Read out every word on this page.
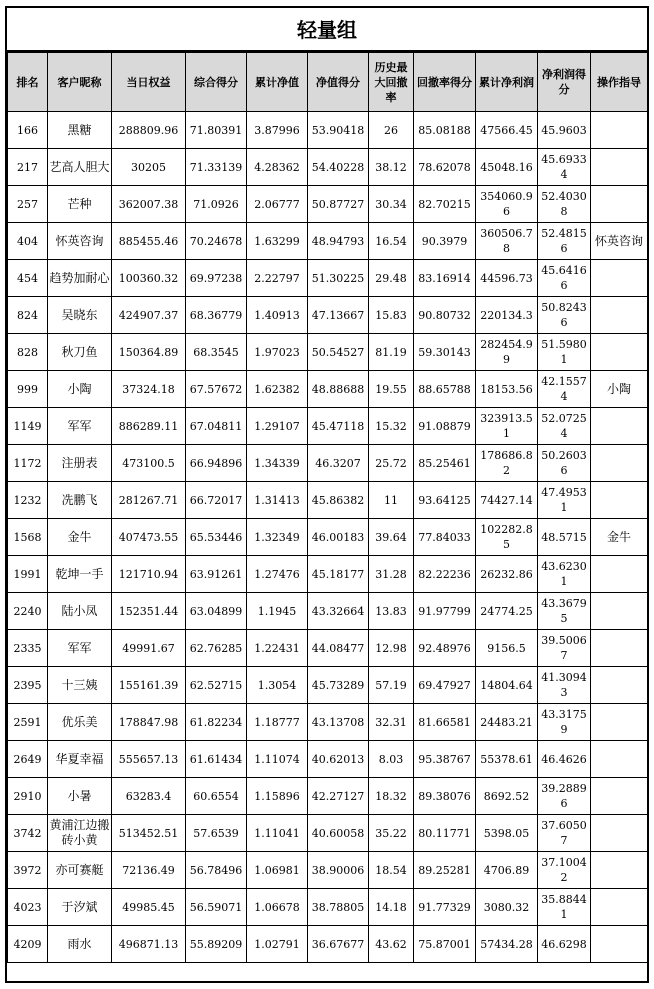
轻量组
排名	客户昵称	当日权益	综合得分	累计净值	净值得分	历史最大回撤率	回撤率得分	累计净利润	净利润得分	操作指导
166	黑糖	288809.96	71.80391	3.87996	53.90418	26	85.08188	47566.45	45.9603	
217	艺高人胆大	30205	71.33139	4.28362	54.40228	38.12	78.62078	45048.16	45.69334	
257	芒种	362007.38	71.0926	2.06777	50.87727	30.34	82.70215	354060.96	52.40308	
404	怀英咨询	885455.46	70.24678	1.63299	48.94793	16.54	90.3979	360506.78	52.48156	怀英咨询
454	趋势加耐心	100360.32	69.97238	2.22797	51.30225	29.48	83.16914	44596.73	45.64166	
824	吴晓东	424907.37	68.36779	1.40913	47.13667	15.83	90.80732	220134.3	50.82436	
828	秋刀鱼	150364.89	68.3545	1.97023	50.54527	81.19	59.30143	282454.99	51.59801	
999	小陶	37324.18	67.57672	1.62382	48.88688	19.55	88.65788	18153.56	42.15574	小陶
1149	军军	886289.11	67.04811	1.29107	45.47118	15.32	91.08879	323913.51	52.07254	
1172	注册表	473100.5	66.94896	1.34339	46.3207	25.72	85.25461	178686.82	50.26036	
1232	冼鹏飞	281267.71	66.72017	1.31413	45.86382	11	93.64125	74427.14	47.49531	
1568	金牛	407473.55	65.53446	1.32349	46.00183	39.64	77.84033	102282.85	48.5715	金牛
1991	乾坤一手	121710.94	63.91261	1.27476	45.18177	31.28	82.22236	26232.86	43.62301	
2240	陆小凤	152351.44	63.04899	1.1945	43.32664	13.83	91.97799	24774.25	43.36795	
2335	军军	49991.67	62.76285	1.22431	44.08477	12.98	92.48976	9156.5	39.50067	
2395	十三姨	155161.39	62.52715	1.3054	45.73289	57.19	69.47927	14804.64	41.30943	
2591	优乐美	178847.98	61.82234	1.18777	43.13708	32.31	81.66581	24483.21	43.31759	
2649	华夏幸福	555657.13	61.61434	1.11074	40.62013	8.03	95.38767	55378.61	46.4626	
2910	小暑	63283.4	60.6554	1.15896	42.27127	18.32	89.38076	8692.52	39.28896	
3742	黄浦江边搬砖小黄	513452.51	57.6539	1.11041	40.60058	35.22	80.11771	5398.05	37.60507	
3972	亦可赛艇	72136.49	56.78496	1.06981	38.90006	18.54	89.25281	4706.89	37.10042	
4023	于汐斌	49985.45	56.59071	1.06678	38.78805	14.18	91.77329	3080.32	35.88441	
4209	雨水	496871.13	55.89209	1.02791	36.67677	43.62	75.87001	57434.28	46.6298	
